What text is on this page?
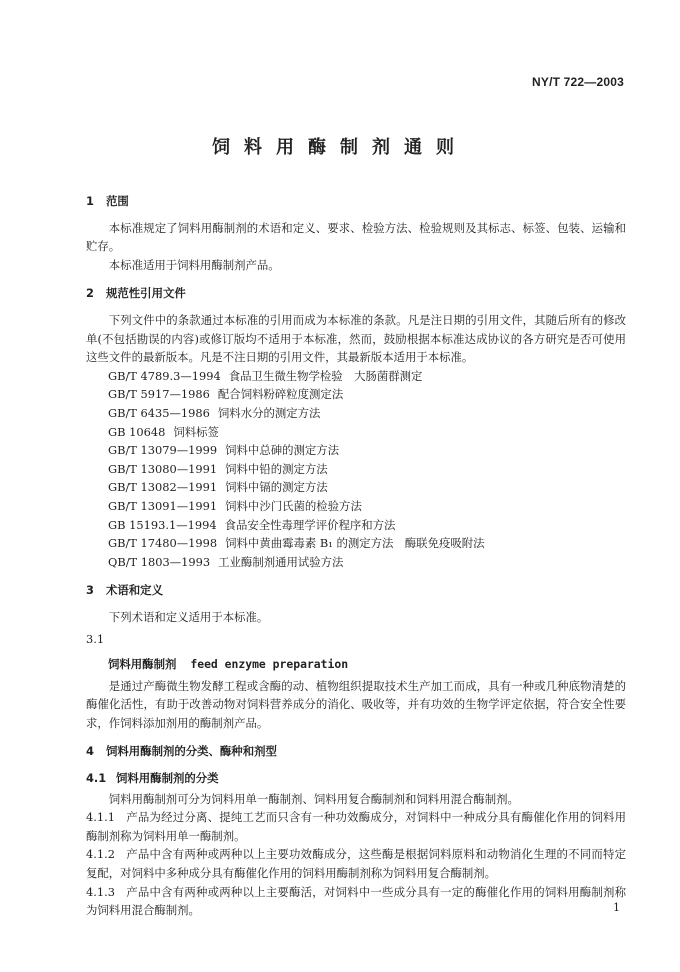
NY/T 722—2003
饲料用酶制剂通则
1 范围

本标准规定了饲料用酶制剂的术语和定义、要求、检验方法、检验规则及其标志、标签、包装、运输和贮存。

本标准适用于饲料用酶制剂产品。

2 规范性引用文件

下列文件中的条款通过本标准的引用而成为本标准的条款。凡是注日期的引用文件，其随后所有的修改单(不包括勘误的内容)或修订版均不适用于本标准，然而，鼓励根据本标准达成协议的各方研究是否可使用这些文件的最新版本。凡是不注日期的引用文件，其最新版本适用于本标准。

GB/T 4789.3—1994 食品卫生微生物学检验　大肠菌群测定

GB/T 5917—1986 配合饲料粉碎粒度测定法

GB/T 6435—1986 饲料水分的测定方法

GB 10648 饲料标签

GB/T 13079—1999 饲料中总砷的测定方法

GB/T 13080—1991 饲料中铅的测定方法

GB/T 13082—1991 饲料中镉的测定方法

GB/T 13091—1991 饲料中沙门氏菌的检验方法

GB 15193.1—1994 食品安全性毒理学评价程序和方法

GB/T 17480—1998 饲料中黄曲霉毒素 B₁ 的测定方法　酶联免疫吸附法

QB/T 1803—1993 工业酶制剂通用试验方法

3 术语和定义

下列术语和定义适用于本标准。

3.1

饲料用酶制剂 feed enzyme preparation

是通过产酶微生物发酵工程或含酶的动、植物组织提取技术生产加工而成，具有一种或几种底物清楚的酶催化活性，有助于改善动物对饲料营养成分的消化、吸收等，并有功效的生物学评定依据，符合安全性要求，作饲料添加剂用的酶制剂产品。

4 饲料用酶制剂的分类、酶种和剂型
4.1 饲料用酶制剂的分类

饲料用酶制剂可分为饲料用单一酶制剂、饲料用复合酶制剂和饲料用混合酶制剂。

4.1.1 产品为经过分离、提纯工艺而只含有一种功效酶成分，对饲料中一种成分具有酶催化作用的饲料用酶制剂称为饲料用单一酶制剂。

4.1.2 产品中含有两种或两种以上主要功效酶成分，这些酶是根据饲料原料和动物消化生理的不同而特定复配，对饲料中多种成分具有酶催化作用的饲料用酶制剂称为饲料用复合酶制剂。

4.1.3 产品中含有两种或两种以上主要酶活，对饲料中一些成分具有一定的酶催化作用的饲料用酶制剂称为饲料用混合酶制剂。	1
